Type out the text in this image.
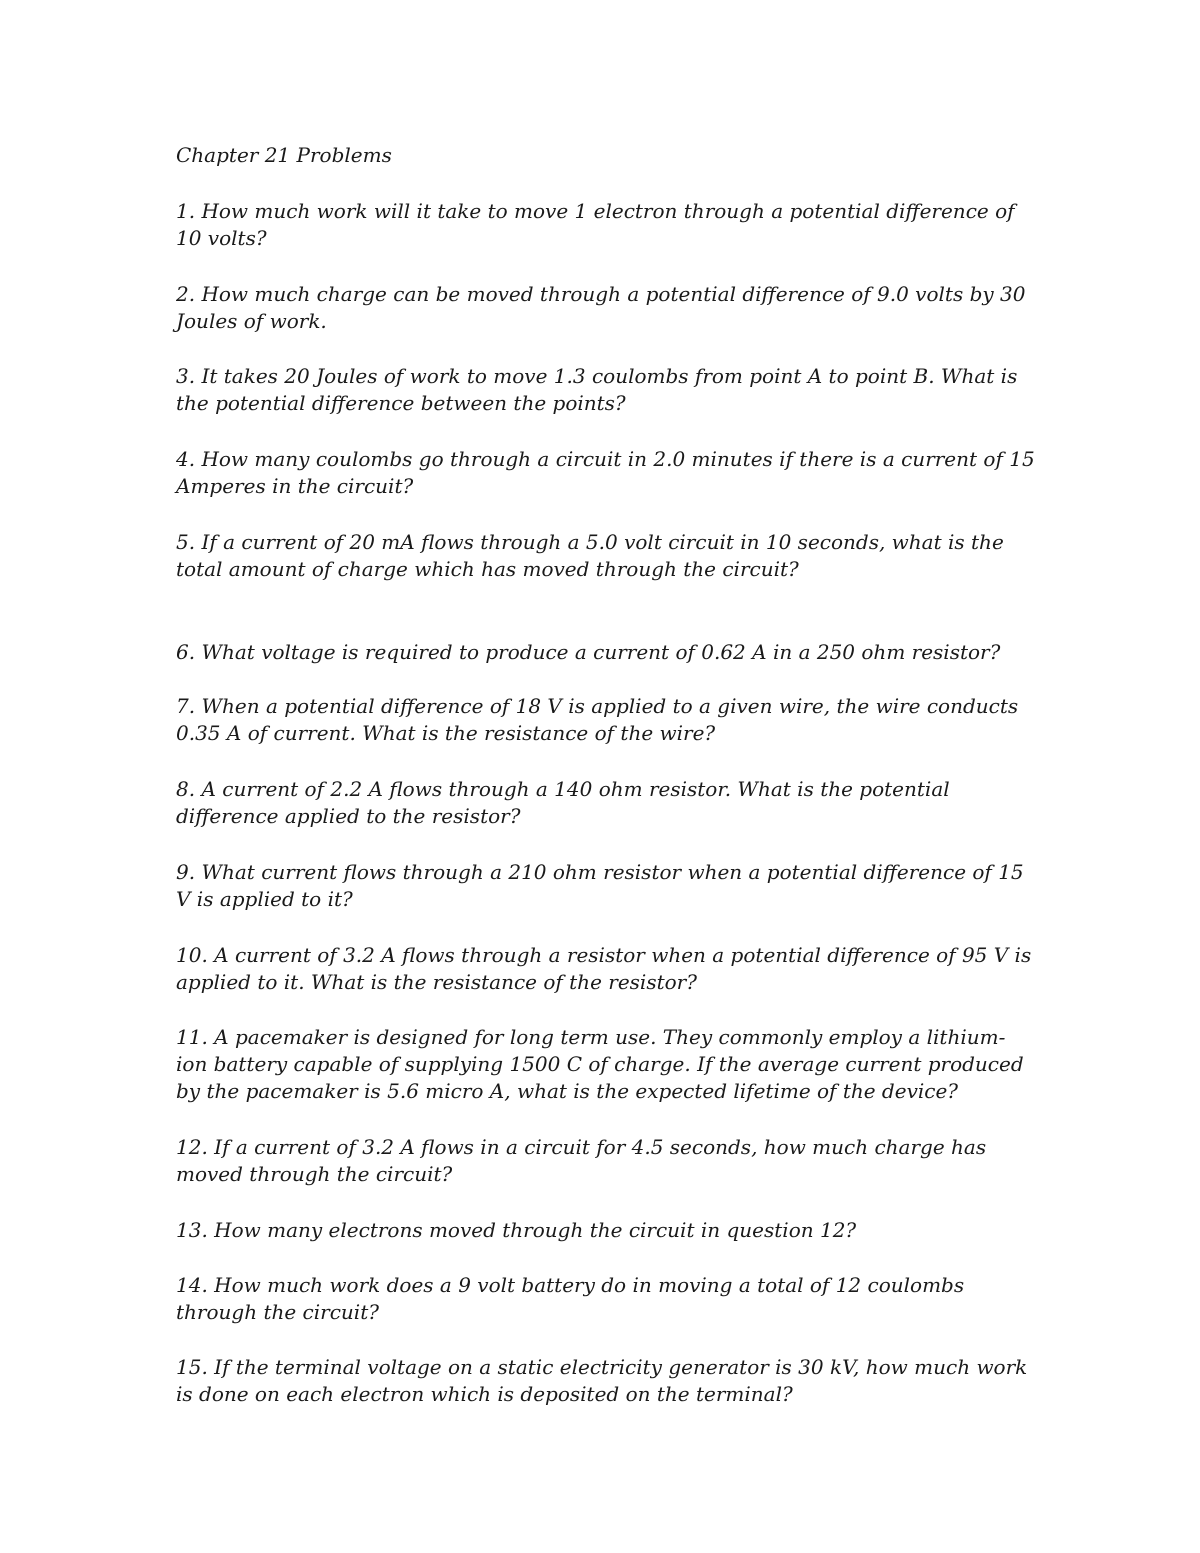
Chapter 21 Problems

1. How much work will it take to move 1 electron through a potential difference of 10 volts?

2. How much charge can be moved through a potential difference of 9.0 volts by 30 Joules of work.

3. It takes 20 Joules of work to move 1.3 coulombs from point A to point B. What is the potential difference between the points?

4. How many coulombs go through a circuit in 2.0 minutes if there is a current of 15 Amperes in the circuit?

5. If a current of 20 mA flows through a 5.0 volt circuit in 10 seconds, what is the total amount of charge which has moved through the circuit?

6. What voltage is required to produce a current of 0.62 A in a 250 ohm resistor?

7. When a potential difference of 18 V is applied to a given wire, the wire conducts 0.35 A of current. What is the resistance of the wire?

8. A current of 2.2 A flows through a 140 ohm resistor. What is the potential difference applied to the resistor?

9. What current flows through a 210 ohm resistor when a potential difference of 15 V is applied to it?

10. A current of 3.2 A flows through a resistor when a potential difference of 95 V is applied to it. What is the resistance of the resistor?

11. A pacemaker is designed for long term use. They commonly employ a lithium-ion battery capable of supplying 1500 C of charge. If the average current produced by the pacemaker is 5.6 micro A, what is the expected lifetime of the device?

12. If a current of 3.2 A flows in a circuit for 4.5 seconds, how much charge has moved through the circuit?

13. How many electrons moved through the circuit in question 12?

14. How much work does a 9 volt battery do in moving a total of 12 coulombs through the circuit?

15. If the terminal voltage on a static electricity generator is 30 kV, how much work is done on each electron which is deposited on the terminal?
